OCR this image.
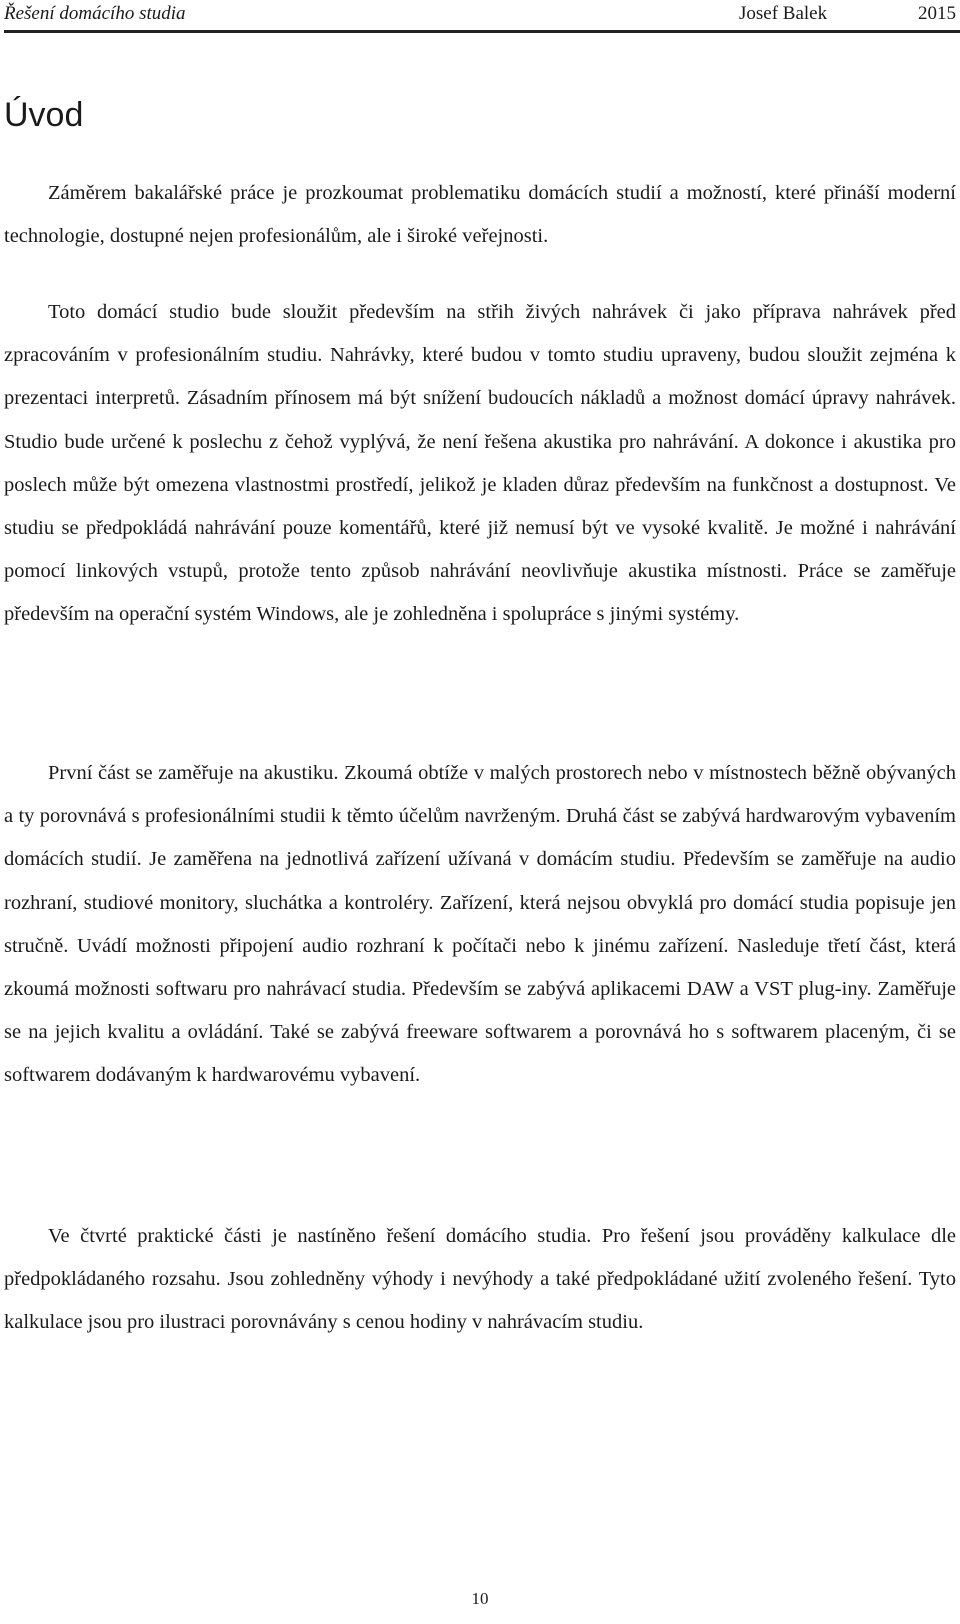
Řešení domácího studia	Josef Balek	2015
Úvod

Záměrem bakalářské práce je prozkoumat problematiku domácích studií a možností, které přináší moderní technologie, dostupné nejen profesionálům, ale i široké veřejnosti.

Toto domácí studio bude sloužit především na střih živých nahrávek či jako příprava nahrávek před zpracováním v profesionálním studiu. Nahrávky, které budou v tomto studiu upraveny, budou sloužit zejména k prezentaci interpretů. Zásadním přínosem má být snížení budoucích nákladů a možnost domácí úpravy nahrávek. Studio bude určené k poslechu z čehož vyplývá, že není řešena akustika pro nahrávání. A dokonce i akustika pro poslech může být omezena vlastnostmi prostředí, jelikož je kladen důraz především na funkčnost a dostupnost. Ve studiu se předpokládá nahrávání pouze komentářů, které již nemusí být ve vysoké kvalitě. Je možné i nahrávání pomocí linkových vstupů, protože tento způsob nahrávání neovlivňuje akustika místnosti. Práce se zaměřuje především na operační systém Windows, ale je zohledněna i spolupráce s jinými systémy.

První část se zaměřuje na akustiku. Zkoumá obtíže v malých prostorech nebo v místnostech běžně obývaných a ty porovnává s profesionálními studii k těmto účelům navrženým. Druhá část se zabývá hardwarovým vybavením domácích studií. Je zaměřena na jednotlivá zařízení užívaná v domácím studiu. Především se zaměřuje na audio rozhraní, studiové monitory, sluchátka a kontroléry. Zařízení, která nejsou obvyklá pro domácí studia popisuje jen stručně. Uvádí možnosti připojení audio rozhraní k počítači nebo k jinému zařízení. Nasleduje třetí část, která zkoumá možnosti softwaru pro nahrávací studia. Především se zabývá aplikacemi DAW a VST plug-iny. Zaměřuje se na jejich kvalitu a ovládání. Také se zabývá freeware softwarem a porovnává ho s softwarem placeným, či se softwarem dodávaným k hardwarovému vybavení.

Ve čtvrté praktické části je nastíněno řešení domácího studia. Pro řešení jsou prováděny kalkulace dle předpokládaného rozsahu. Jsou zohledněny výhody i nevýhody a také předpokládané užití zvoleného řešení. Tyto kalkulace jsou pro ilustraci porovnávány s cenou hodiny v nahrávacím studiu.

10
